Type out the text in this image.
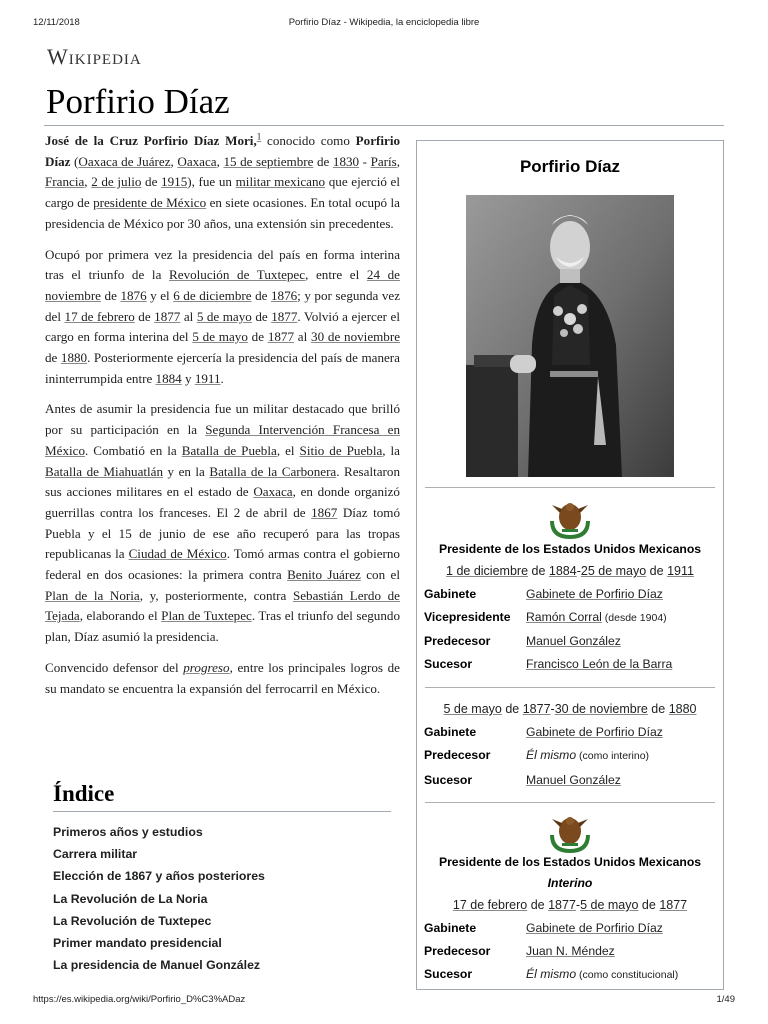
12/11/2018	Porfirio Díaz - Wikipedia, la enciclopedia libre
Wikipedia
Porfirio Díaz

José de la Cruz Porfirio Díaz Mori,$^1$ conocido como Porfirio Díaz (Oaxaca de Juárez, Oaxaca, 15 de septiembre de 1830 - París, Francia, 2 de julio de 1915), fue un militar mexicano que ejerció el cargo de presidente de México en siete ocasiones. En total ocupó la presidencia de México por 30 años, una extensión sin precedentes.

Ocupó por primera vez la presidencia del país en forma interina tras el triunfo de la Revolución de Tuxtepec, entre el 24 de noviembre de 1876 y el 6 de diciembre de 1876; y por segunda vez del 17 de febrero de 1877 al 5 de mayo de 1877. Volvió a ejercer el cargo en forma interina del 5 de mayo de 1877 al 30 de noviembre de 1880. Posteriormente ejercería la presidencia del país de manera ininterrumpida entre 1884 y 1911.

Antes de asumir la presidencia fue un militar destacado que brilló por su participación en la Segunda Intervención Francesa en México. Combatió en la Batalla de Puebla, el Sitio de Puebla, la Batalla de Miahuatlán y en la Batalla de la Carbonera. Resaltaron sus acciones militares en el estado de Oaxaca, en donde organizó guerrillas contra los franceses. El 2 de abril de 1867 Díaz tomó Puebla y el 15 de junio de ese año recuperó para las tropas republicanas la Ciudad de México. Tomó armas contra el gobierno federal en dos ocasiones: la primera contra Benito Juárez con el Plan de la Noria, y, posteriormente, contra Sebastián Lerdo de Tejada, elaborando el Plan de Tuxtepec. Tras el triunfo del segundo plan, Díaz asumió la presidencia.

Convencido defensor del progreso, entre los principales logros de su mandato se encuentra la expansión del ferrocarril en México.

Índice
Primeros años y estudios
Carrera militar
Elección de 1867 y años posteriores
La Revolución de La Noria
La Revolución de Tuxtepec
Primer mandato presidencial
La presidencia de Manuel González
Porfirio Díaz
Presidente de los Estados Unidos Mexicanos
1 de diciembre de 1884-25 de mayo de 1911
Gabinete	Gabinete de Porfirio Díaz
Vicepresidente Ramón Corral (desde 1904)
Predecesor	Manuel González
Sucesor	Francisco León de la Barra
5 de mayo de 1877-30 de noviembre de 1880
Gabinete	Gabinete de Porfirio Díaz
Predecesor	Él mismo (como interino)
Sucesor	Manuel González
Presidente de los Estados Unidos Mexicanos
Interino
17 de febrero de 1877-5 de mayo de 1877
Gabinete	Gabinete de Porfirio Díaz
Predecesor	Juan N. Méndez
Sucesor	Él mismo (como constitucional)
https://es.wikipedia.org/wiki/Porfirio_D%C3%ADaz	1/49
